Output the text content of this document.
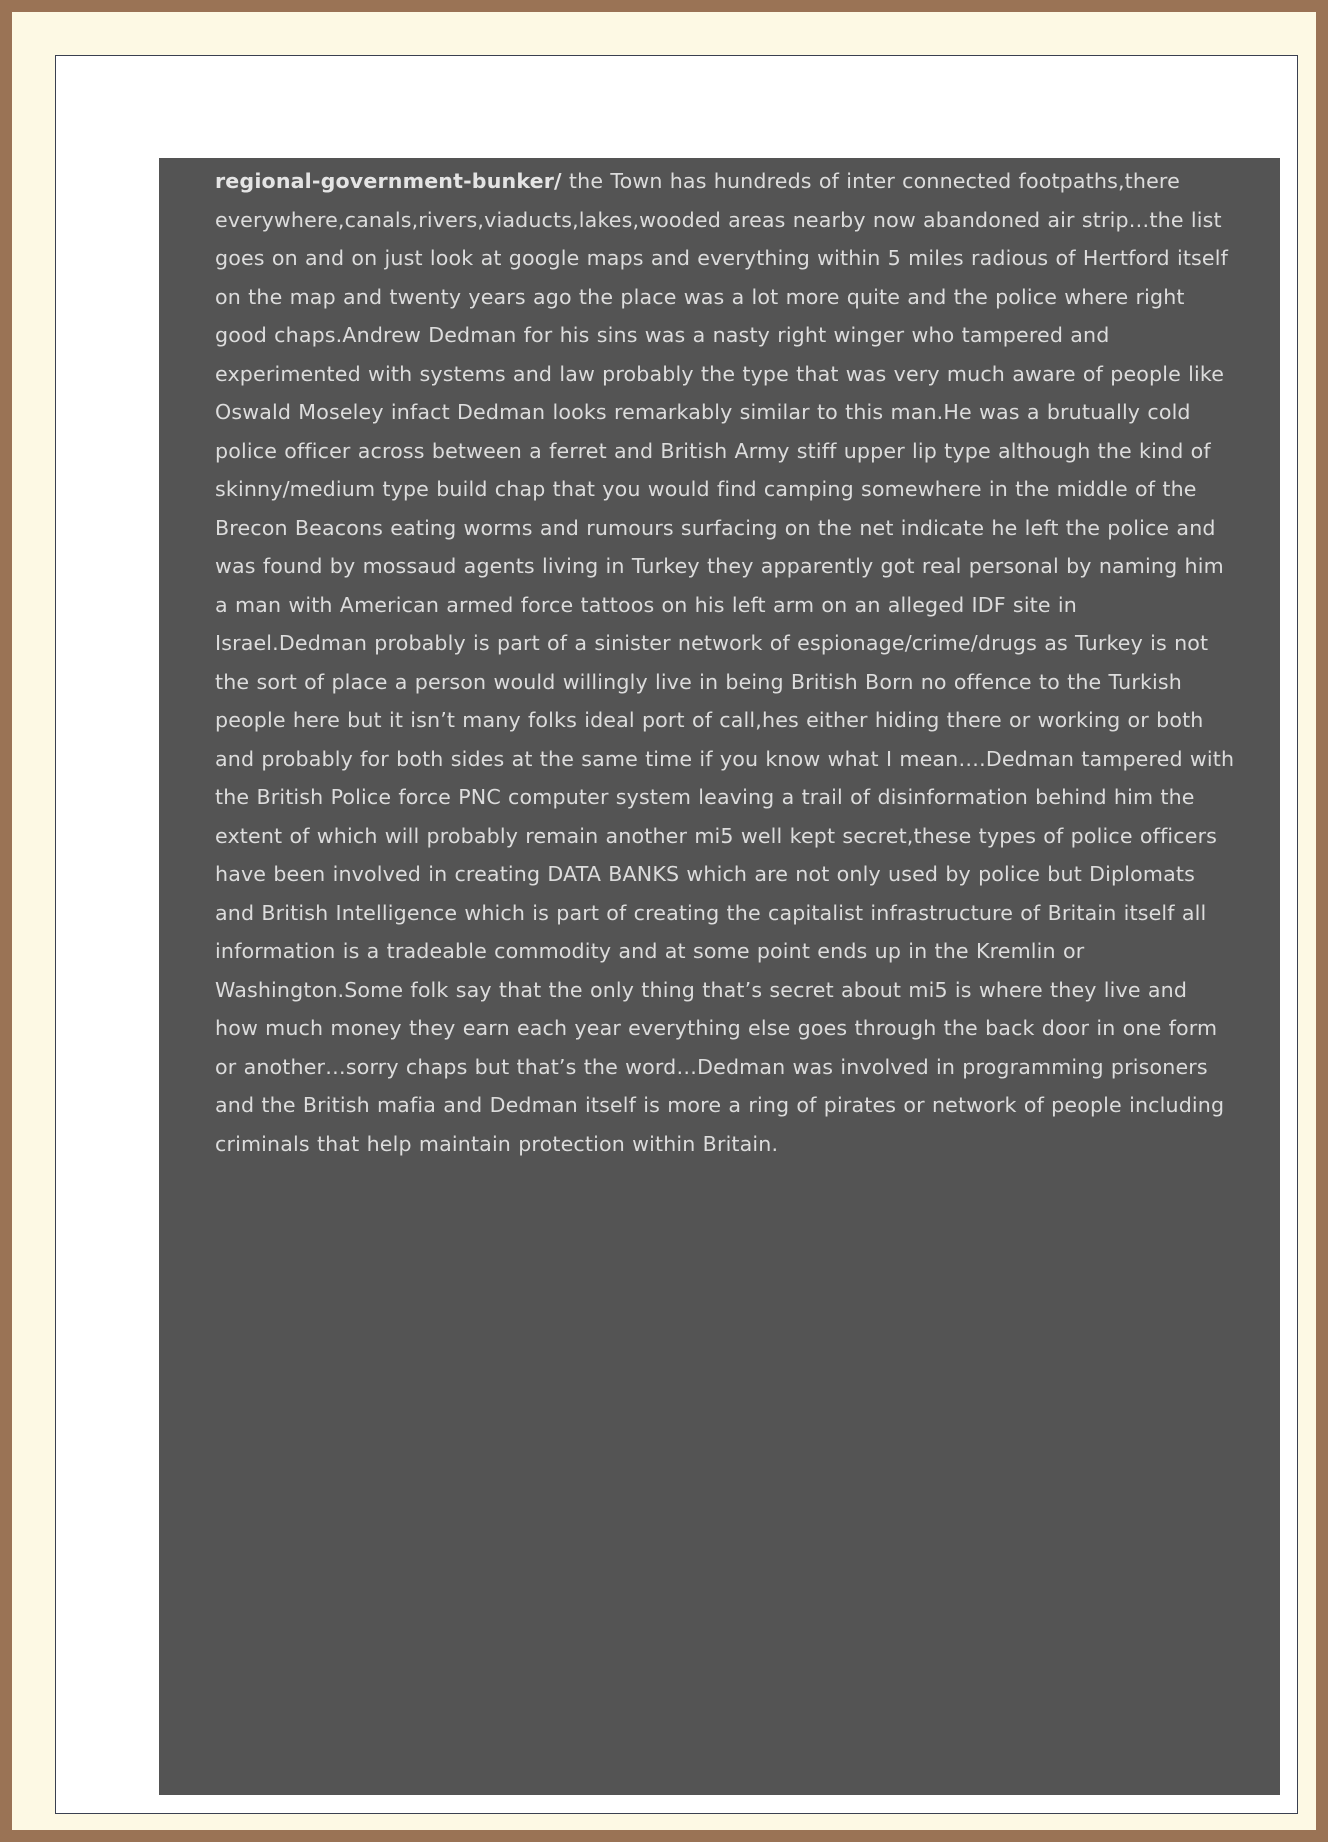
regional-government-bunker/ the Town has hundreds of inter connected footpaths,there everywhere,canals,rivers,viaducts,lakes,wooded areas nearby now abandoned air strip…the list goes on and on just look at google maps and everything within 5 miles radious of Hertford itself on the map and twenty years ago the place was a lot more quite and the police where right good chaps.Andrew Dedman for his sins was a nasty right winger who tampered and experimented with systems and law probably the type that was very much aware of people like Oswald Moseley infact Dedman looks remarkably similar to this man.He was a brutually cold police officer across between a ferret and British Army stiff upper lip type although the kind of skinny/medium type build chap that you would find camping somewhere in the middle of the Brecon Beacons eating worms and rumours surfacing on the net indicate he left the police and was found by mossaud agents living in Turkey they apparently got real personal by naming him a man with American armed force tattoos on his left arm on an alleged IDF site in Israel.Dedman probably is part of a sinister network of espionage/crime/drugs as Turkey is not the sort of place a person would willingly live in being British Born no offence to the Turkish people here but it isn’t many folks ideal port of call,hes either hiding there or working or both and probably for both sides at the same time if you know what I mean….Dedman tampered with the British Police force PNC computer system leaving a trail of disinformation behind him the extent of which will probably remain another mi5 well kept secret,these types of police officers have been involved in creating DATA BANKS which are not only used by police but Diplomats and British Intelligence which is part of creating the capitalist infrastructure of Britain itself all information is a tradeable commodity and at some point ends up in the Kremlin or Washington.Some folk say that the only thing that’s secret about mi5 is where they live and how much money they earn each year everything else goes through the back door in one form or another…sorry chaps but that’s the word…Dedman was involved in programming prisoners and the British mafia and Dedman itself is more a ring of pirates or network of people including criminals that help maintain protection within Britain.
